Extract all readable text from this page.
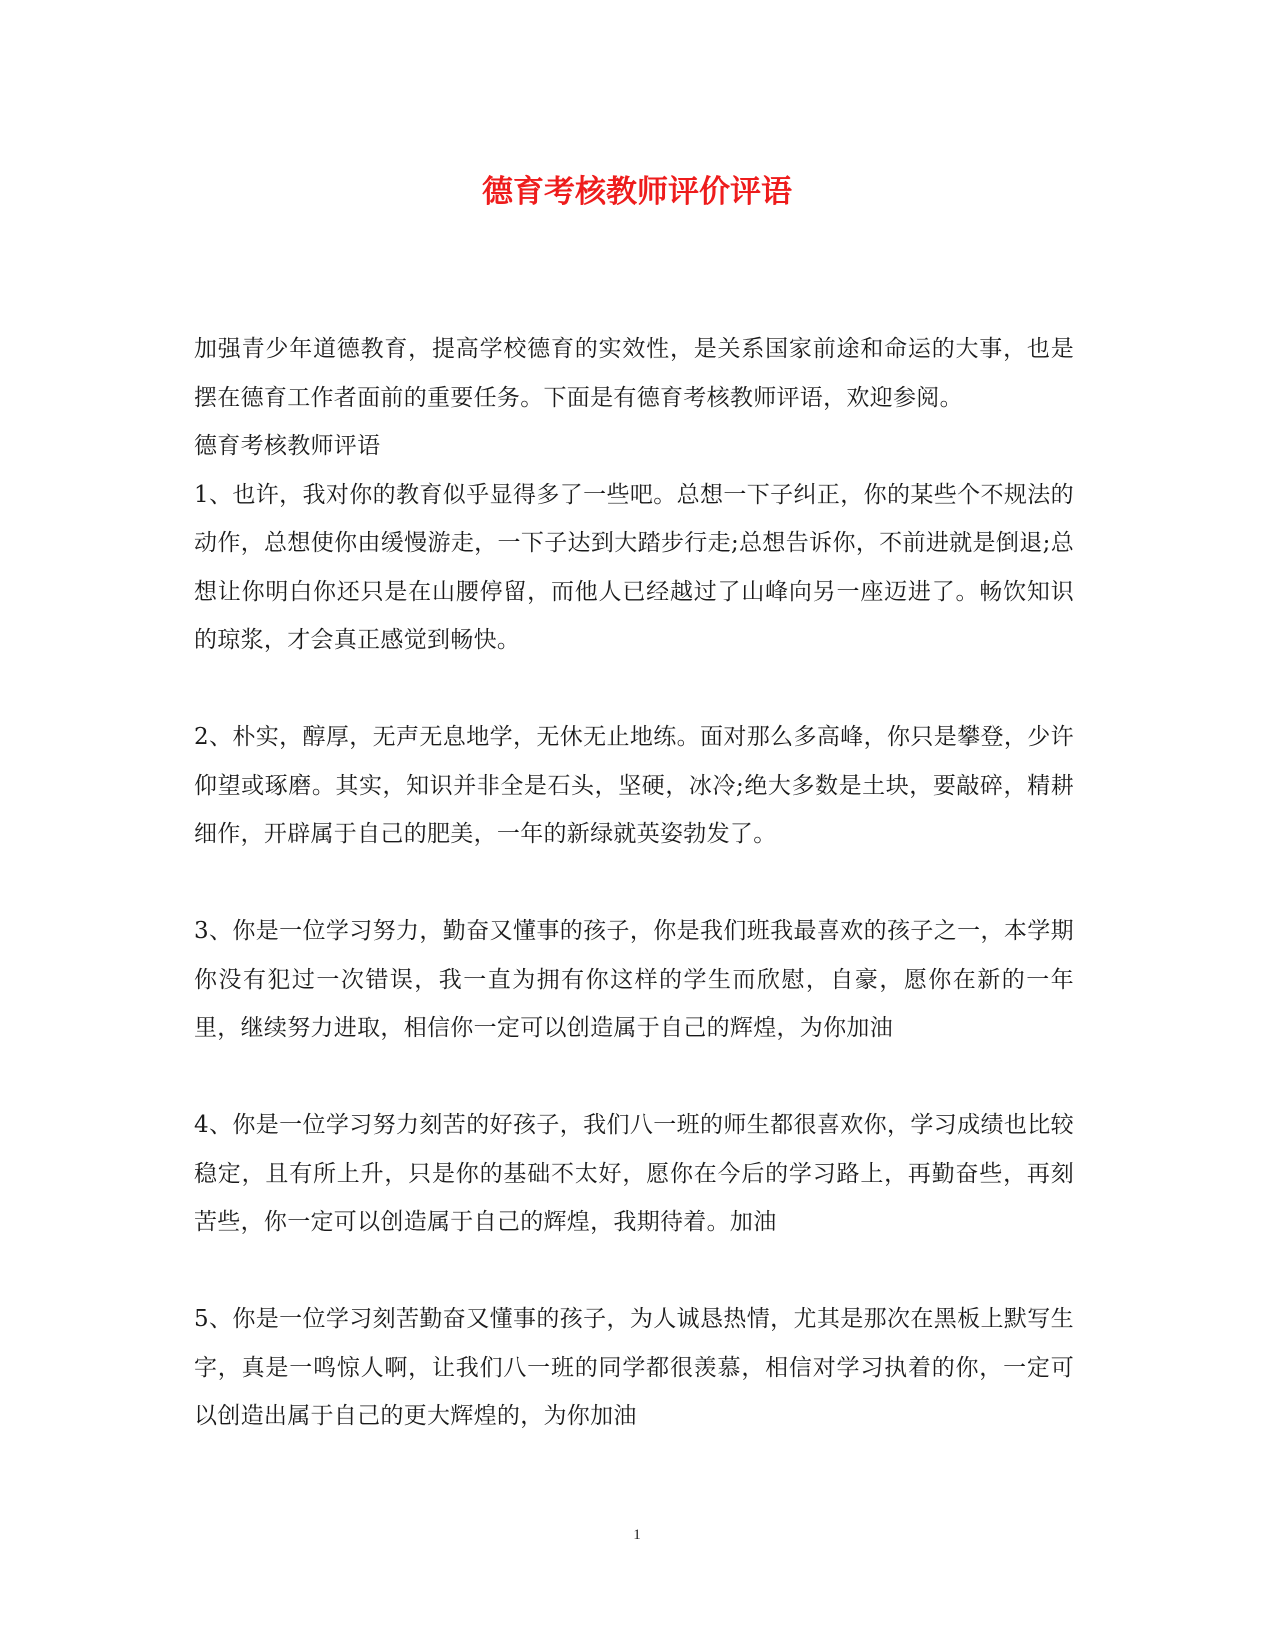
德育考核教师评价评语

加强青少年道德教育，提高学校德育的实效性，是关系国家前途和命运的大事，也是摆在德育工作者面前的重要任务。下面是有德育考核教师评语，欢迎参阅。

德育考核教师评语

1、也许，我对你的教育似乎显得多了一些吧。总想一下子纠正，你的某些个不规法的动作，总想使你由缓慢游走，一下子达到大踏步行走;总想告诉你，不前进就是倒退;总想让你明白你还只是在山腰停留，而他人已经越过了山峰向另一座迈进了。畅饮知识的琼浆，才会真正感觉到畅快。

2、朴实，醇厚，无声无息地学，无休无止地练。面对那么多高峰，你只是攀登，少许仰望或琢磨。其实，知识并非全是石头，坚硬，冰冷;绝大多数是土块，要敲碎，精耕细作，开辟属于自己的肥美，一年的新绿就英姿勃发了。

3、你是一位学习努力，勤奋又懂事的孩子，你是我们班我最喜欢的孩子之一，本学期你没有犯过一次错误，我一直为拥有你这样的学生而欣慰，自豪，愿你在新的一年里，继续努力进取，相信你一定可以创造属于自己的辉煌，为你加油

4、你是一位学习努力刻苦的好孩子，我们八一班的师生都很喜欢你，学习成绩也比较稳定，且有所上升，只是你的基础不太好，愿你在今后的学习路上，再勤奋些，再刻苦些，你一定可以创造属于自己的辉煌，我期待着。加油

5、你是一位学习刻苦勤奋又懂事的孩子，为人诚恳热情，尤其是那次在黑板上默写生字，真是一鸣惊人啊，让我们八一班的同学都很羡慕，相信对学习执着的你，一定可以创造出属于自己的更大辉煌的，为你加油

1
